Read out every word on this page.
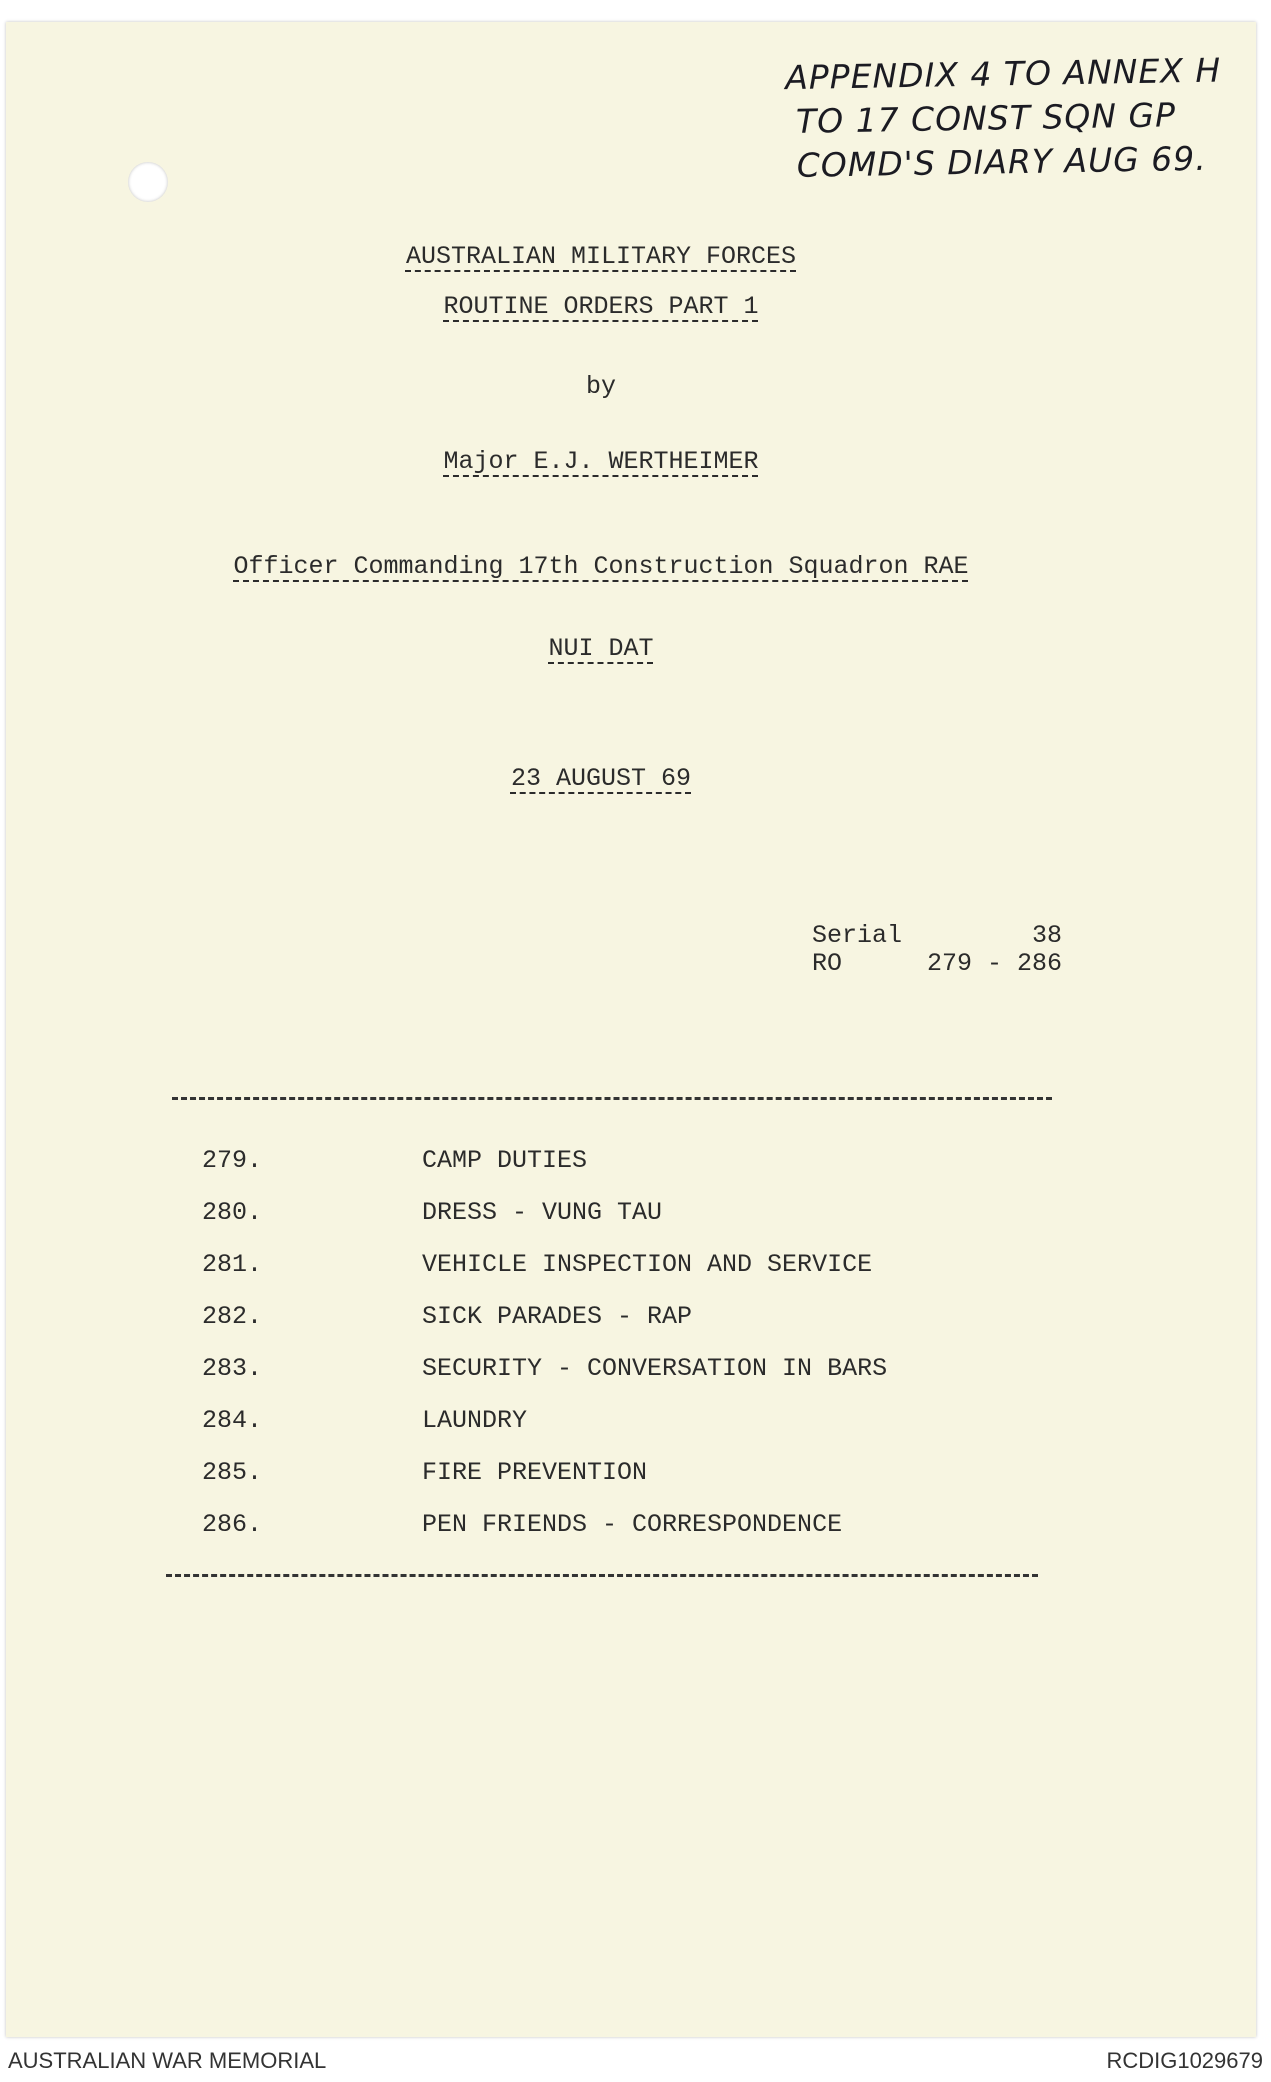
APPENDIX 4 TO ANNEX H
TO 17 CONST SQN GP
COMD'S DIARY AUG 69.
AUSTRALIAN MILITARY FORCES
ROUTINE ORDERS PART 1
by
Major E.J. WERTHEIMER
Officer Commanding 17th Construction Squadron RAE
NUI DAT
23 AUGUST 69
Serial	38
RO	279 - 286
279.	CAMP DUTIES
280.	DRESS - VUNG TAU
281.	VEHICLE INSPECTION AND SERVICE
282.	SICK PARADES - RAP
283.	SECURITY - CONVERSATION IN BARS
284.	LAUNDRY
285.	FIRE PREVENTION
286.	PEN FRIENDS - CORRESPONDENCE
AUSTRALIAN WAR MEMORIAL	RCDIG1029679
